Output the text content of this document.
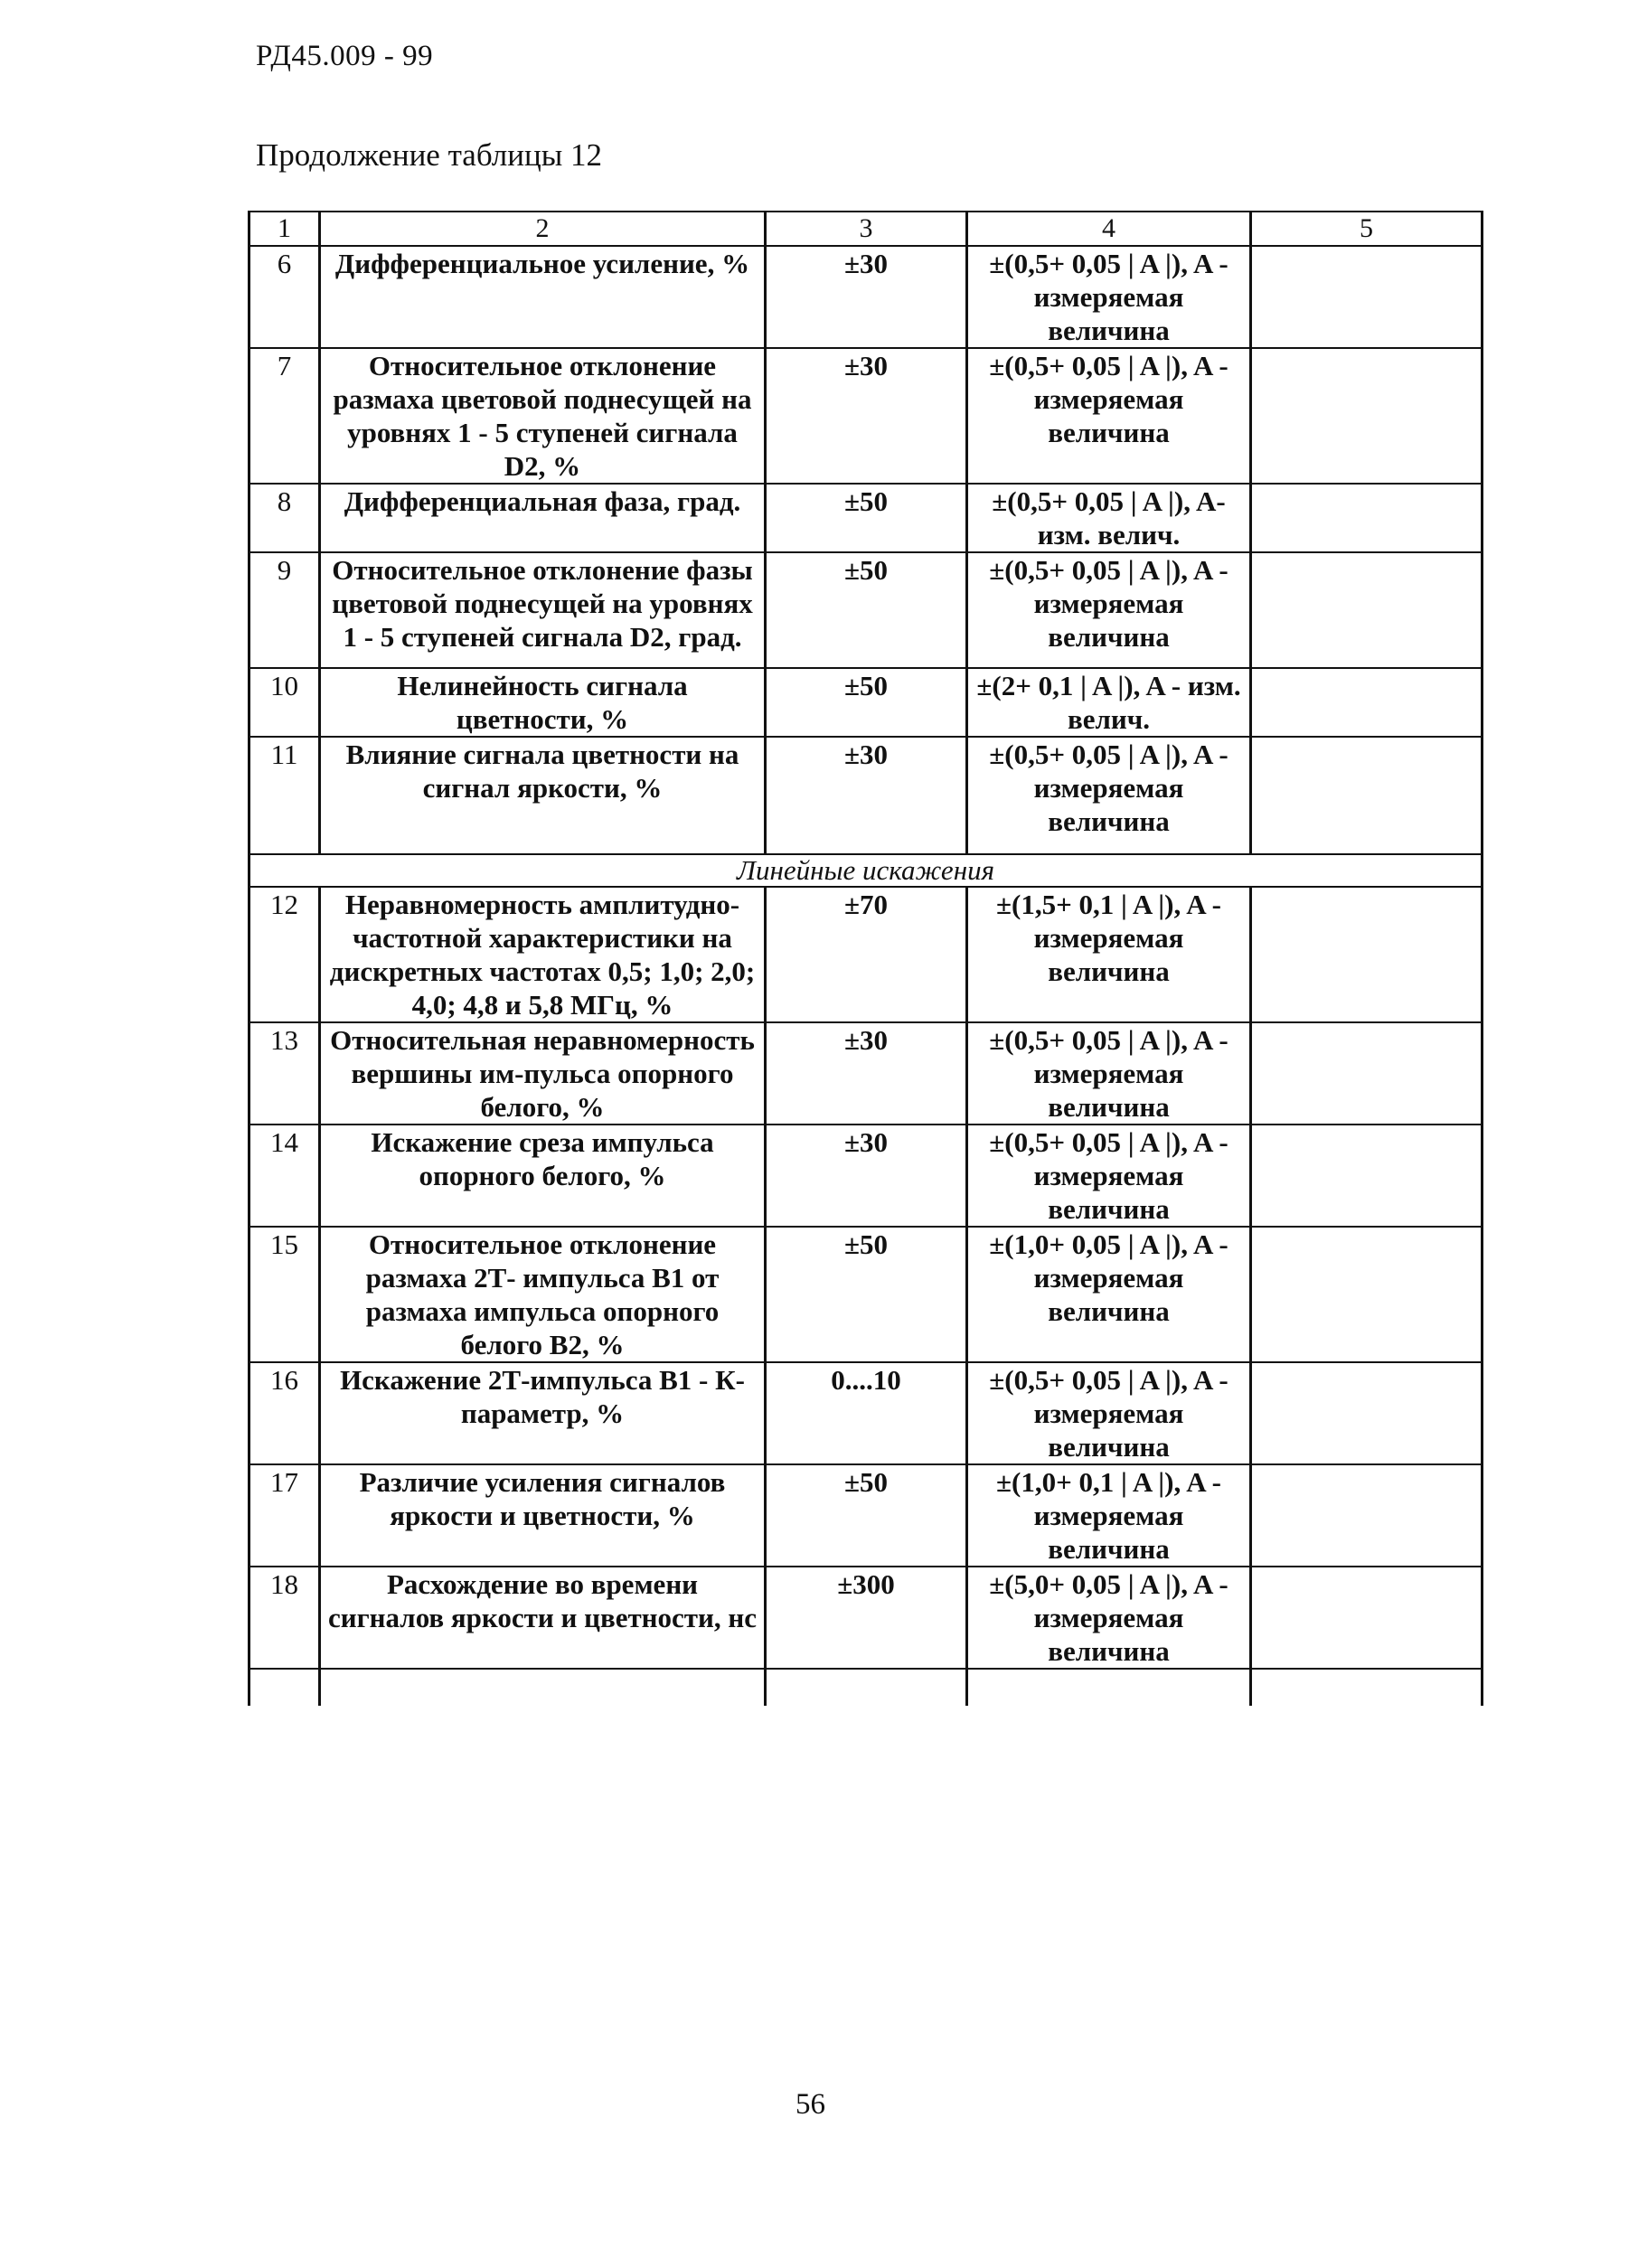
РД45.009 - 99
Продолжение таблицы 12
1	2	3	4	5
6	Дифференциальное усиление, %	±30	±(0,5+ 0,05 | A |), A - измеряемая величина	
7	Относительное отклонение размаха цветовой поднесущей на уровнях 1 - 5 ступеней сигнала D2, %	±30	±(0,5+ 0,05 | A |), A - измеряемая величина	
8	Дифференциальная фаза, град.	±50	±(0,5+ 0,05 | A |), A- изм. велич.	
9	Относительное отклонение фазы цветовой поднесущей на уровнях 1 - 5 ступеней сигнала D2, град.	±50	±(0,5+ 0,05 | A |), A - измеряемая величина	
10	Нелинейность сигнала цветности, %	±50	±(2+ 0,1 | A |), A - изм. велич.	
11	Влияние сигнала цветности на сигнал яркости, %	±30	±(0,5+ 0,05 | A |), A - измеряемая величина	
Линейные искажения				
12	Неравномерность амплитудно-частотной характеристики на дискретных частотах 0,5; 1,0; 2,0; 4,0; 4,8 и 5,8 МГц, %	±70	±(1,5+ 0,1 | A |), A - измеряемая величина	
13	Относительная неравномерность вершины им-пульса опорного белого, %	±30	±(0,5+ 0,05 | A |), A - измеряемая величина	
14	Искажение среза импульса опорного белого, %	±30	±(0,5+ 0,05 | A |), A - измеряемая величина	
15	Относительное отклонение размаха 2Т- импульса В1 от размаха импульса опорного белого В2, %	±50	±(1,0+ 0,05 | A |), A - измеряемая величина	
16	Искажение 2Т-импульса В1 - К-параметр, %	0....10	±(0,5+ 0,05 | A |), A - измеряемая величина	
17	Различие усиления сигналов яркости и цветности, %	±50	±(1,0+ 0,1 | A |), A - измеряемая величина	
18	Расхождение во времени сигналов яркости и цветности, нс	±300	±(5,0+ 0,05 | A |), A - измеряемая величина	

56
